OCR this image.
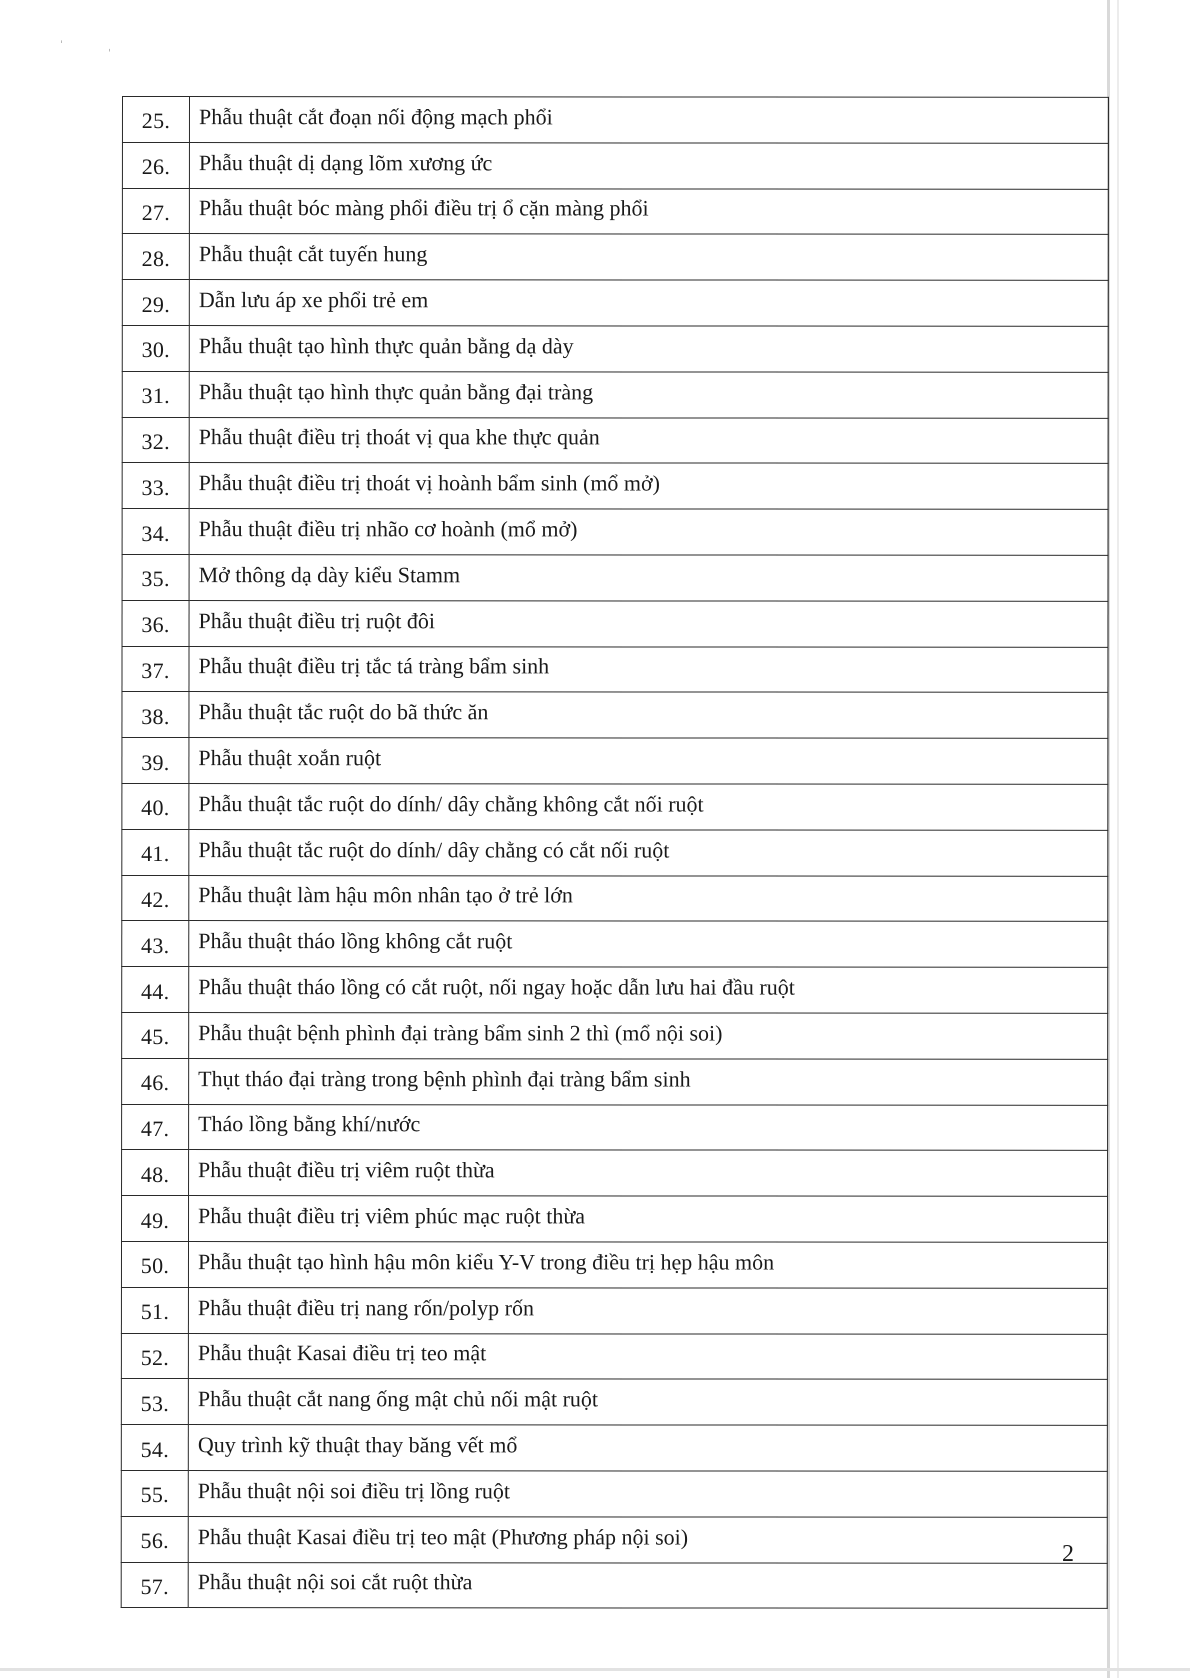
ˈ	ˌ
25.	Phẫu thuật cắt đoạn nối động mạch phổi
26.	Phẫu thuật dị dạng lõm xương ức
27.	Phẫu thuật bóc màng phổi điều trị ổ cặn màng phổi
28.	Phẫu thuật cắt tuyến hung
29.	Dẫn lưu áp xe phổi trẻ em
30.	Phẫu thuật tạo hình thực quản bằng dạ dày
31.	Phẫu thuật tạo hình thực quản bằng đại tràng
32.	Phẫu thuật điều trị thoát vị qua khe thực quản
33.	Phẫu thuật điều trị thoát vị hoành bẩm sinh (mổ mở)
34.	Phẫu thuật điều trị nhão cơ hoành (mổ mở)
35.	Mở thông dạ dày kiểu Stamm
36.	Phẫu thuật điều trị ruột đôi
37.	Phẫu thuật điều trị tắc tá tràng bẩm sinh
38.	Phẫu thuật tắc ruột do bã thức ăn
39.	Phẫu thuật xoắn ruột
40.	Phẫu thuật tắc ruột do dính/ dây chằng không cắt nối ruột
41.	Phẫu thuật tắc ruột do dính/ dây chằng có cắt nối ruột
42.	Phẫu thuật làm hậu môn nhân tạo ở trẻ lớn
43.	Phẫu thuật tháo lồng không cắt ruột
44.	Phẫu thuật tháo lồng có cắt ruột, nối ngay hoặc dẫn lưu hai đầu ruột
45.	Phẫu thuật bệnh phình đại tràng bẩm sinh 2 thì (mổ nội soi)
46.	Thụt tháo đại tràng trong bệnh phình đại tràng bẩm sinh
47.	Tháo lồng bằng khí/nước
48.	Phẫu thuật điều trị viêm ruột thừa
49.	Phẫu thuật điều trị viêm phúc mạc ruột thừa
50.	Phẫu thuật tạo hình hậu môn kiểu Y-V trong điều trị hẹp hậu môn
51.	Phẫu thuật điều trị nang rốn/polyp rốn
52.	Phẫu thuật Kasai điều trị teo mật
53.	Phẫu thuật cắt nang ống mật chủ nối mật ruột
54.	Quy trình kỹ thuật thay băng vết mổ
55.	Phẫu thuật nội soi điều trị lồng ruột
56.	Phẫu thuật Kasai điều trị teo mật (Phương pháp nội soi)
57.	Phẫu thuật nội soi cắt ruột thừa
2
